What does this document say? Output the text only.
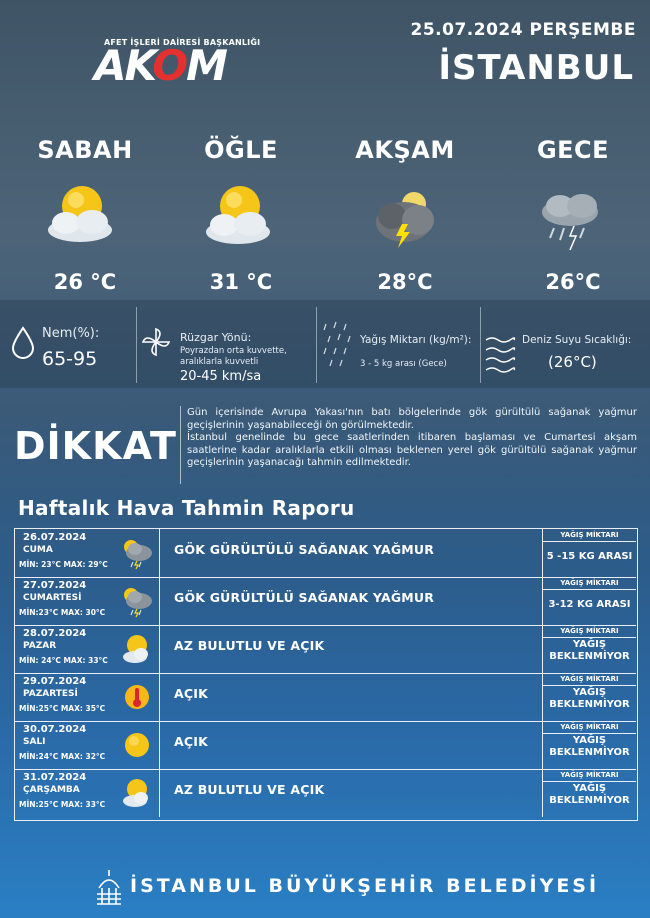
AFET İŞLERİ DAİRESİ BAŞKANLIĞI
AKOM
25.07.2024 PERŞEMBE
İSTANBUL
SABAH
26 °C
ÖĞLE
31 °C
AKŞAM
28°C
GECE
26°C
Nem(%):
65-95
Rüzgar Yönü:
Poyrazdan orta kuvvette,
aralıklarla kuvvetli
20-45 km/sa
Yağış Miktarı (kg/m²):
3 - 5 kg arası (Gece)
Deniz Suyu Sıcaklığı:
(26°C)
DİKKAT
Gün içerisinde Avrupa Yakası'nın batı bölgelerinde gök gürültülü sağanak yağmur geçişlerinin yaşanabileceği ön görülmektedir.
İstanbul genelinde bu gece saatlerinden itibaren başlaması ve Cumartesi akşam saatlerine kadar aralıklarla etkili olması beklenen yerel gök gürültülü sağanak yağmur geçişlerinin yaşanacağı tahmin edilmektedir.
Haftalık Hava Tahmin Raporu
26.07.2024
CUMA
MİN: 23°C MAX: 29°C
GÖK GÜRÜLTÜLÜ SAĞANAK YAĞMUR
YAĞIŞ MİKTARI
5 -15 KG ARASI
27.07.2024
CUMARTESİ
MİN:23°C MAX: 30°C
GÖK GÜRÜLTÜLÜ SAĞANAK YAĞMUR
YAĞIŞ MİKTARI
3-12 KG ARASI
28.07.2024
PAZAR
MİN: 24°C MAX: 33°C
AZ BULUTLU VE AÇIK
YAĞIŞ MİKTARI
YAĞIŞ
BEKLENMİYOR
29.07.2024
PAZARTESİ
MİN:25°C MAX: 35°C
AÇIK
YAĞIŞ MİKTARI
YAĞIŞ
BEKLENMİYOR
30.07.2024
SALI
MİN:24°C MAX: 32°C
AÇIK
YAĞIŞ MİKTARI
YAĞIŞ
BEKLENMİYOR
31.07.2024
ÇARŞAMBA
MİN:25°C MAX: 33°C
AZ BULUTLU VE AÇIK
YAĞIŞ MİKTARI
YAĞIŞ
BEKLENMİYOR
İSTANBUL BÜYÜKŞEHİR BELEDİYESİ
